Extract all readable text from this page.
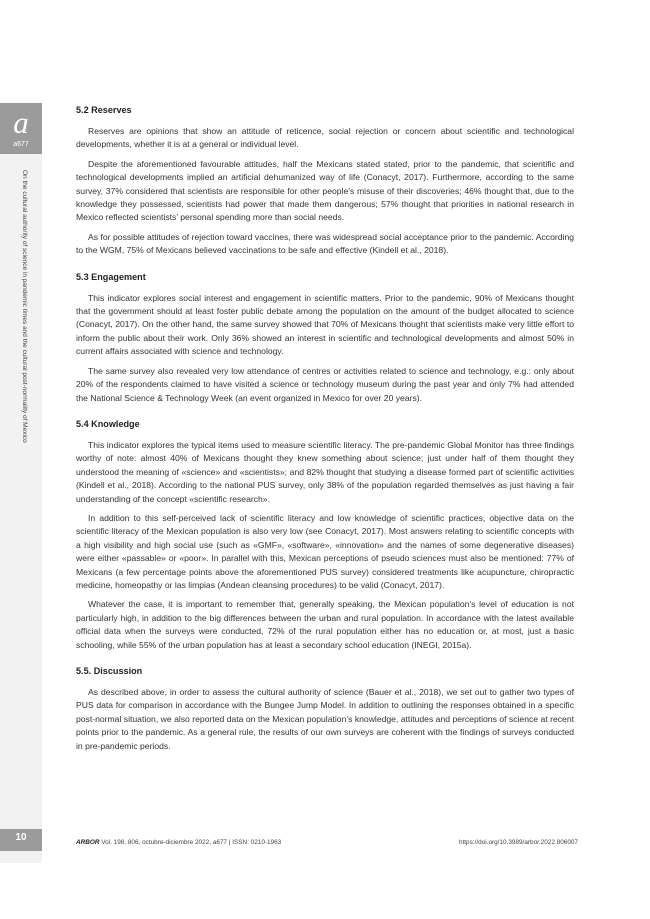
a
a677
On the cultural authority of science in pandemic times and the cultural post-normality of Mexico
10
5.2 Reserves

Reserves are opinions that show an attitude of reticence, social rejection or concern about scientific and technological developments, whether it is at a general or individual level.

Despite the aforementioned favourable attitudes, half the Mexicans stated stated, prior to the pandemic, that scientific and technological developments implied an artificial dehumanized way of life (Conacyt, 2017). Furthermore, according to the same survey, 37% considered that scientists are responsible for other people’s misuse of their discoveries; 46% thought that, due to the knowledge they possessed, scientists had power that made them dangerous; 57% thought that priorities in national research in Mexico reflected scientists’ personal spending more than social needs.

As for possible attitudes of rejection toward vaccines, there was widespread social acceptance prior to the pandemic. According to the WGM, 75% of Mexicans believed vaccinations to be safe and effective (Kindell et al., 2018).

5.3 Engagement

This indicator explores social interest and engagement in scientific matters. Prior to the pandemic, 90% of Mexicans thought that the government should at least foster public debate among the population on the amount of the budget allocated to science (Conacyt, 2017). On the other hand, the same survey showed that 70% of Mexicans thought that scientists make very little effort to inform the public about their work. Only 36% showed an interest in scientific and technological developments and almost 50% in current affairs associated with science and technology.

The same survey also revealed very low attendance of centres or activities related to science and technology, e.g.: only about 20% of the respondents claimed to have visited a science or technology museum during the past year and only 7% had attended the National Science & Technology Week (an event organized in Mexico for over 20 years).

5.4 Knowledge

This indicator explores the typical items used to measure scientific literacy. The pre-pandemic Global Monitor has three findings worthy of note: almost 40% of Mexicans thought they knew something about science; just under half of them thought they understood the meaning of «science» and «scientists»; and 82% thought that studying a disease formed part of scientific activities (Kindell et al., 2018). According to the national PUS survey, only 38% of the population regarded themselves as just having a fair understanding of the concept «scientific research».

In addition to this self-perceived lack of scientific literacy and low knowledge of scientific practices, objective data on the scientific literacy of the Mexican population is also very low (see Conacyt, 2017). Most answers relating to scientific concepts with a high visibility and high social use (such as «GMF», «software», «innovation» and the names of some degenerative diseases) were either «passable» or «poor». In parallel with this, Mexican perceptions of pseudo sciences must also be mentioned: 77% of Mexicans (a few percentage points above the aforementioned PUS survey) considered treatments like acupuncture, chiropractic medicine, homeopathy or las limpias (Andean cleansing procedures) to be valid (Conacyt, 2017).

Whatever the case, it is important to remember that, generally speaking, the Mexican population’s level of education is not particularly high, in addition to the big differences between the urban and rural population. In accordance with the latest available official data when the surveys were conducted, 72% of the rural population either has no education or, at most, just a basic schooling, while 55% of the urban population has at least a secondary school education (INEGI, 2015a).

5.5. Discussion

As described above, in order to assess the cultural authority of science (Bauer et al., 2018), we set out to gather two types of PUS data for comparison in accordance with the Bungee Jump Model. In addition to outlining the responses obtained in a specific post-normal situation, we also reported data on the Mexican population’s knowledge, attitudes and perceptions of science at recent points prior to the pandemic. As a general rule, the results of our own surveys are coherent with the findings of surveys conducted in pre-pandemic periods.

ARBOR Vol. 198, 806, octubre-diciembre 2022, a677 | ISSN: 0210-1963	https://doi.org/10.3989/arbor.2022.806007
